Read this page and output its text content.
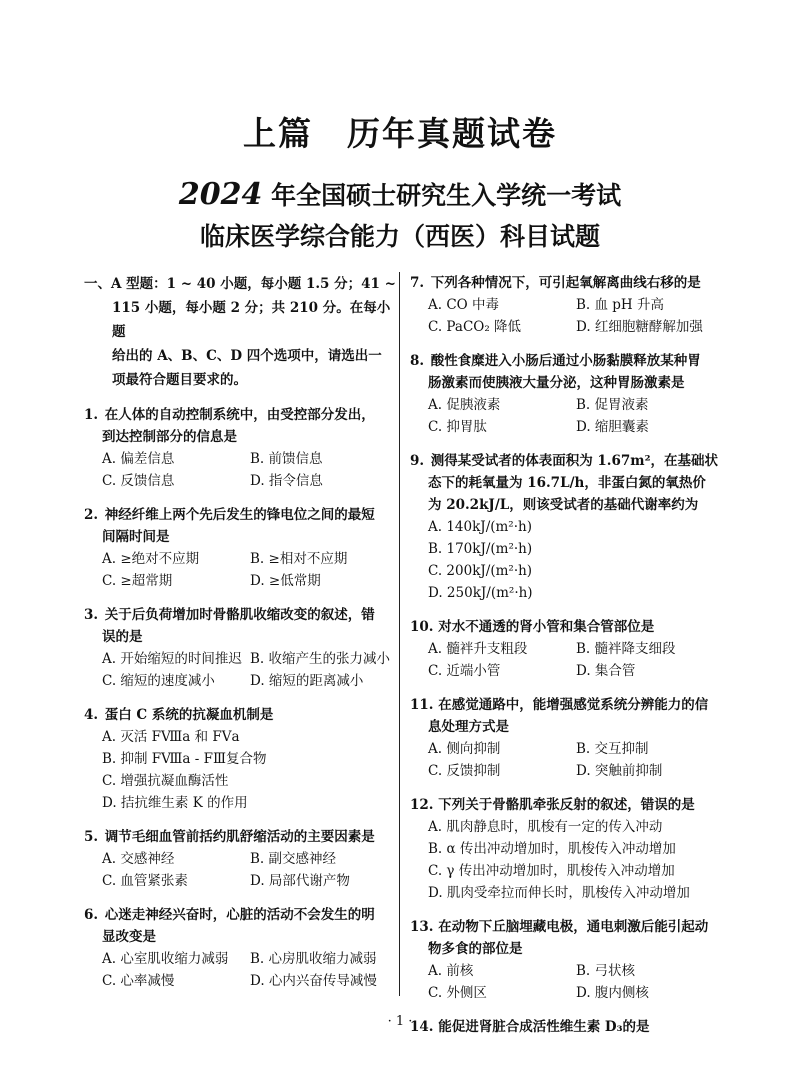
上篇 历年真题试卷
2024 年全国硕士研究生入学统一考试
临床医学综合能力（西医）科目试题
一、A 型题：1 ~ 40 小题，每小题 1.5 分；41 ~
115 小题，每小题 2 分；共 210 分。在每小题
给出的 A、B、C、D 四个选项中，请选出一
项最符合题目要求的。
1. 在人体的自动控制系统中，由受控部分发出，
到达控制部分的信息是
A. 偏差信息	B. 前馈信息
C. 反馈信息	D. 指令信息
2. 神经纤维上两个先后发生的锋电位之间的最短
间隔时间是
A. ≥绝对不应期	B. ≥相对不应期
C. ≥超常期	D. ≥低常期
3. 关于后负荷增加时骨骼肌收缩改变的叙述，错
误的是
A. 开始缩短的时间推迟 B. 收缩产生的张力减小
C. 缩短的速度减小	D. 缩短的距离减小
4. 蛋白 C 系统的抗凝血机制是
A. 灭活 FⅧa 和 FⅤa
B. 抑制 FⅧa - FⅢ复合物
C. 增强抗凝血酶活性
D. 拮抗维生素 K 的作用
5. 调节毛细血管前括约肌舒缩活动的主要因素是
A. 交感神经	B. 副交感神经
C. 血管紧张素	D. 局部代谢产物
6. 心迷走神经兴奋时，心脏的活动不会发生的明
显改变是
A. 心室肌收缩力减弱	B. 心房肌收缩力减弱
C. 心率减慢	D. 心内兴奋传导减慢
7. 下列各种情况下，可引起氧解离曲线右移的是
A. CO 中毒	B. 血 pH 升高
C. PaCO₂ 降低	D. 红细胞糖酵解加强
8. 酸性食糜进入小肠后通过小肠黏膜释放某种胃
肠激素而使胰液大量分泌，这种胃肠激素是
A. 促胰液素	B. 促胃液素
C. 抑胃肽	D. 缩胆囊素
9. 测得某受试者的体表面积为 1.67m²，在基础状
态下的耗氧量为 16.7L/h，非蛋白氮的氧热价
为 20.2kJ/L，则该受试者的基础代谢率约为
A. 140kJ/(m²·h)
B. 170kJ/(m²·h)
C. 200kJ/(m²·h)
D. 250kJ/(m²·h)
10. 对水不通透的肾小管和集合管部位是
A. 髓袢升支粗段	B. 髓袢降支细段
C. 近端小管	D. 集合管
11. 在感觉通路中，能增强感觉系统分辨能力的信
息处理方式是
A. 侧向抑制	B. 交互抑制
C. 反馈抑制	D. 突触前抑制
12. 下列关于骨骼肌牵张反射的叙述，错误的是
A. 肌肉静息时，肌梭有一定的传入冲动
B. α 传出冲动增加时，肌梭传入冲动增加
C. γ 传出冲动增加时，肌梭传入冲动增加
D. 肌肉受牵拉而伸长时，肌梭传入冲动增加
13. 在动物下丘脑埋藏电极，通电刺激后能引起动
物多食的部位是
A. 前核	B. 弓状核
C. 外侧区	D. 腹内侧核
14. 能促进肾脏合成活性维生素 D₃的是
· 1 ·
